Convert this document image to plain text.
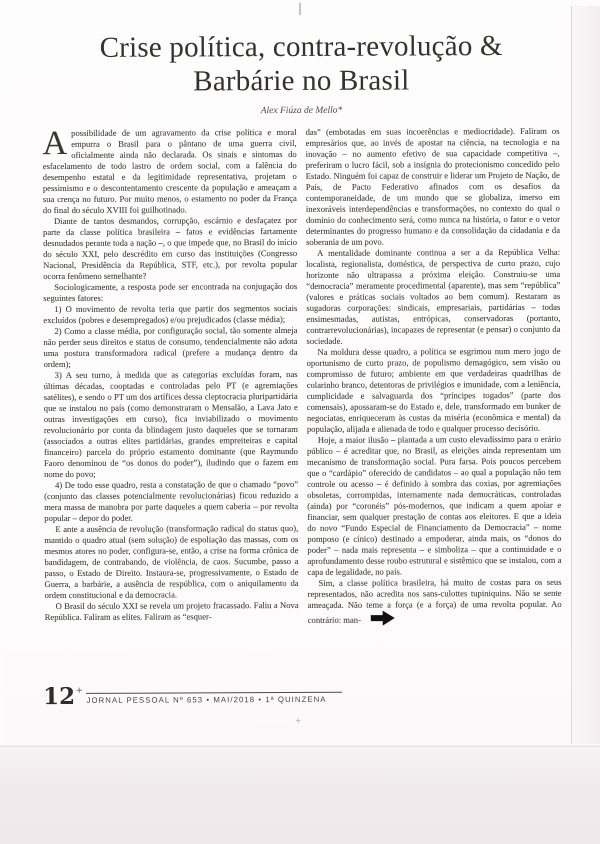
Crise política, contra-revolução & Barbárie no Brasil
Alex Fiúza de Mello*

Apossibilidade de um agravamento da crise política e moral empurra o Brasil para o pântano de uma guerra civil, oficialmente ainda não declarada. Os sinais e sintomas do esfacelamento de todo lastro de ordem social, com a falência do desempenho estatal e da legitimidade representativa, projetam o pessimismo e o descontentamento crescente da população e ameaçam a sua crença no futuro. Por muito menos, o estamento no poder da França do final do século XVIII foi guilhotinado.

Diante de tantos desmandos, corrupção, escárnio e desfaçatez por parte da classe política brasileira – fatos e evidências fartamente desnudados perante toda a nação –, o que impede que, no Brasil do início do século XXI, pelo descrédito em curso das instituições (Congresso Nacional, Presidência da República, STF, etc.), por revolta popular ocorra fenômeno semelhante?

Sociologicamente, a resposta pode ser encontrada na conjugação dos seguintes fatores:

1) O movimento de revolta teria que partir dos segmentos sociais excluídos (pobres e desempregados) e/ou prejudicados (classe média);

2) Como a classe média, por configuração social, tão somente almeja não perder seus direitos e status de consumo, tendencialmente não adota uma postura transformadora radical (prefere a mudança dentro da ordem);

3) A seu turno, à medida que as categorias excluídas foram, nas últimas décadas, cooptadas e controladas pelo PT (e agremiações satélites), e sendo o PT um dos artífices dessa cleptocracia pluripartidária que se instalou no país (como demonstraram o Mensalão, a Lava Jato e outras investigações em curso), fica inviabilizado o movimento revolucionário por conta da blindagem justo daqueles que se tornaram (associados a outras elites partidárias, grandes empreiteiras e capital financeiro) parcela do próprio estamento dominante (que Raymundo Faoro denominou de “os donos do poder”), iludindo que o fazem em nome do povo;

4) De todo esse quadro, resta a constatação de que o chamado “povo” (conjunto das classes potencialmente revolucionárias) ficou reduzido a mera massa de manobra por parte daqueles a quem caberia – por revolta popular – depor do poder.

E ante a ausência de revolução (transformação radical do status quo), mantido o quadro atual (sem solução) de espoliação das massas, com os mesmos atores no poder, configura-se, então, a crise na forma crônica de bandidagem, de contrabando, de violência, de caos. Sucumbe, passo a passo, o Estado de Direito. Instaura-se, progressivamente, o Estado de Guerra, a barbárie, a ausência de respública, com o aniquilamento da ordem constitucional e da democracia.

O Brasil do século XXI se revela um projeto fracassado. Faliu a Nova República. Faliram as elites. Faliram as “esquer-

das” (embotadas em suas incoerências e mediocridade). Faliram os empresários que, ao invés de apostar na ciência, na tecnologia e na inovação – no aumento efetivo de sua capacidade competitiva –, preferiram o lucro fácil, sob a insígnia do protecionismo concedido pelo Estado. Ninguém foi capaz de construir e liderar um Projeto de Nação, de País, de Pacto Federativo afinados com os desafios da contemporaneidade, de um mundo que se globaliza, imerso em inexoráveis interdependências e transformações, no contexto do qual o domínio do conhecimento será, como nunca na história, o fator e o vetor determinantes do progresso humano e da consolidação da cidadania e da soberania de um povo.

A mentalidade dominante continua a ser a da República Velha: localista, regionalista, doméstica, de perspectiva de curto prazo, cujo horizonte não ultrapassa a próxima eleição. Construiu-se uma “democracia” meramente procedimental (aparente), mas sem “república” (valores e práticas sociais voltados ao bem comum). Restaram as sugadoras corporações: sindicais, empresariais, partidárias – todas ensimesmadas, autistas, entrópicas, conservadoras (portanto, contrarrevolucionárias), incapazes de representar (e pensar) o conjunto da sociedade.

Na moldura desse quadro, a política se esgrimou num mero jogo de oportunismo de curto prazo, de populismo demagógico, sem visão ou compromisso de futuro; ambiente em que verdadeiras quadrilhas de colarinho branco, detentoras de privilégios e imunidade, com a leniência, cumplicidade e salvaguarda dos “príncipes togados” (parte dos comensais), apossaram-se do Estado e, dele, transformado em bunker de negociatas, enriqueceram às custas da miséria (econômica e mental) da população, alijada e alienada de todo e qualquer processo decisório.

Hoje, a maior ilusão – plantada a um custo elevadíssimo para o erário público – é acreditar que, no Brasil, as eleições ainda representam um mecanismo de transformação social. Pura farsa. Pois poucos percebem que o “cardápio” oferecido de candidatos – ao qual a população não tem controle ou acesso – é definido à sombra das coxias, por agremiações obsoletas, corrompidas, internamente nada democráticas, controladas (ainda) por “coronéis” pós-modernos, que indicam a quem apoiar e financiar, sem qualquer prestação de contas aos eleitores. E que a ideia do novo “Fundo Especial de Financiamento da Democracia” – nome pomposo (e cínico) destinado a empoderar, ainda mais, os “donos do poder” – nada mais representa – e simboliza – que a continuidade e o aprofundamento desse roubo estrutural e sistêmico que se instalou, com a capa de legalidade, no país.

Sim, a classe política brasileira, há muito de costas para os seus representados, não acredita nos sans-culottes tupiniquins. Não se sente ameaçada. Não teme a força (e a força) de uma revolta popular. Ao contrário: man-

12 +
JORNAL PESSOAL Nº 653 • MAI/2018 • 1ª QUINZENA
+
